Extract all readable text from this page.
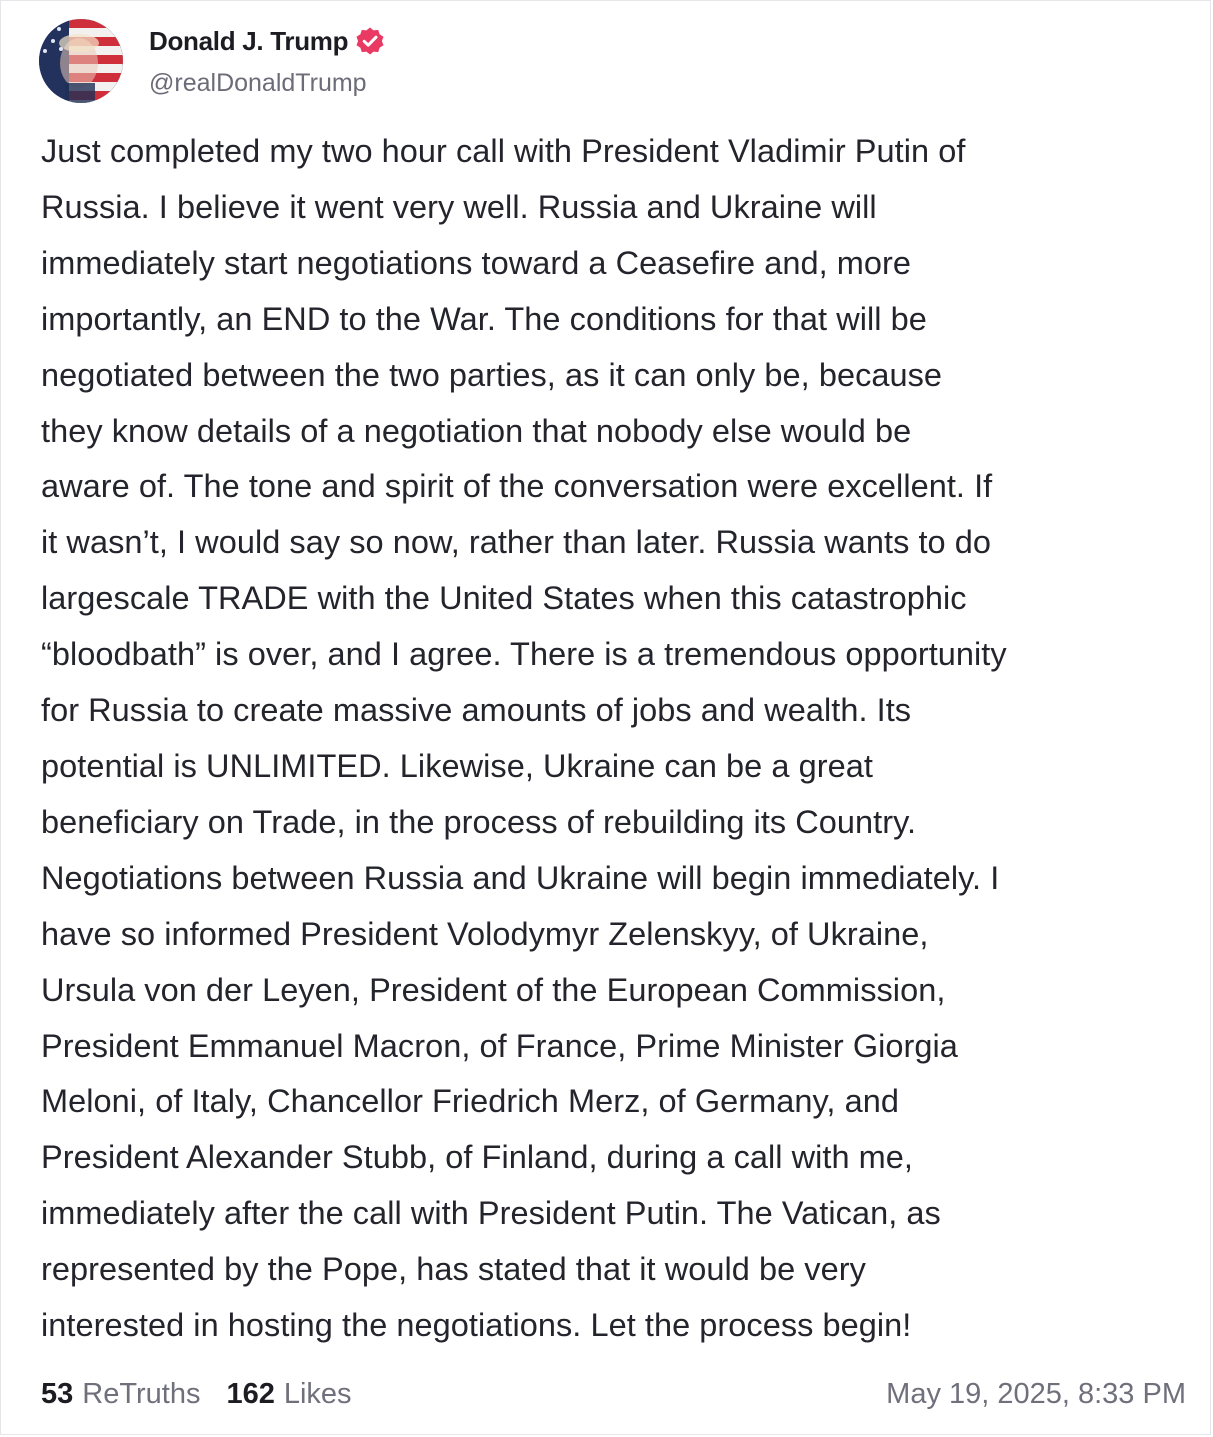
Donald J. Trump
@realDonaldTrump
Just completed my two hour call with President Vladimir Putin of
Russia. I believe it went very well. Russia and Ukraine will
immediately start negotiations toward a Ceasefire and, more
importantly, an END to the War. The conditions for that will be
negotiated between the two parties, as it can only be, because
they know details of a negotiation that nobody else would be
aware of. The tone and spirit of the conversation were excellent. If
it wasn’t, I would say so now, rather than later. Russia wants to do
largescale TRADE with the United States when this catastrophic
“bloodbath” is over, and I agree. There is a tremendous opportunity
for Russia to create massive amounts of jobs and wealth. Its
potential is UNLIMITED. Likewise, Ukraine can be a great
beneficiary on Trade, in the process of rebuilding its Country.
Negotiations between Russia and Ukraine will begin immediately. I
have so informed President Volodymyr Zelenskyy, of Ukraine,
Ursula von der Leyen, President of the European Commission,
President Emmanuel Macron, of France, Prime Minister Giorgia
Meloni, of Italy, Chancellor Friedrich Merz, of Germany, and
President Alexander Stubb, of Finland, during a call with me,
immediately after the call with President Putin. The Vatican, as
represented by the Pope, has stated that it would be very
interested in hosting the negotiations. Let the process begin!
53 ReTruths 162 Likes	May 19, 2025, 8:33 PM
